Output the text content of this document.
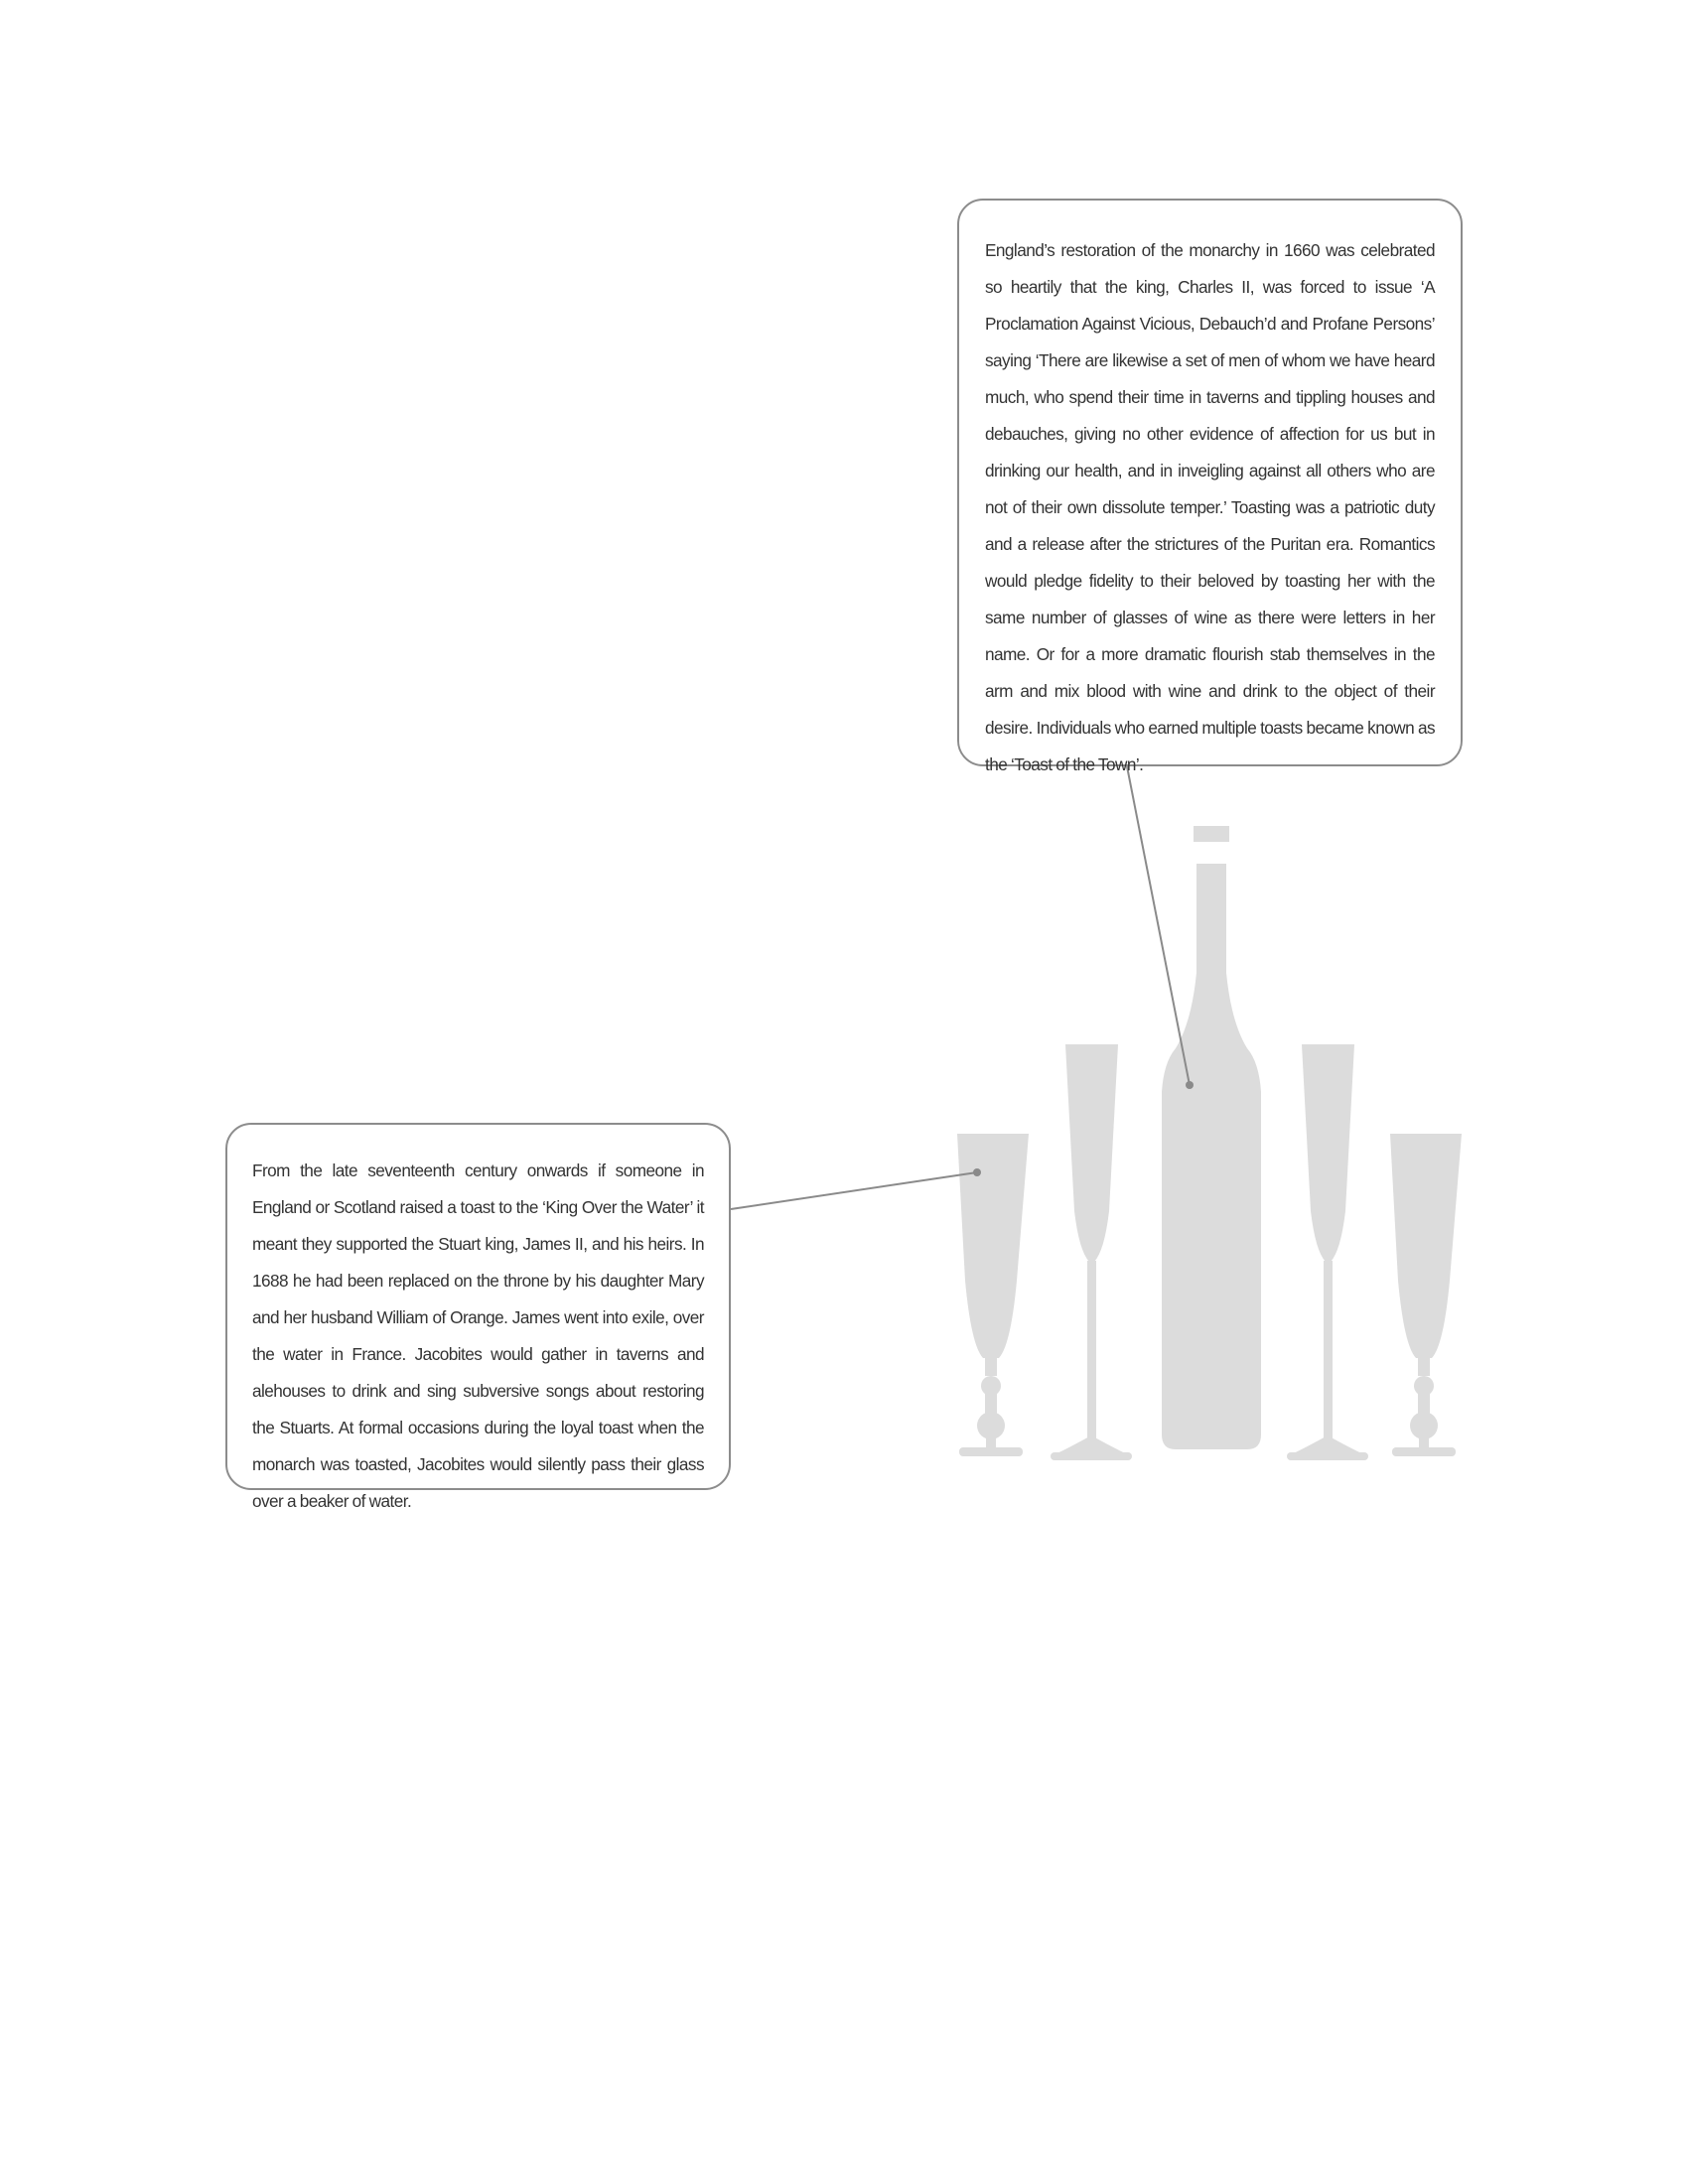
England’s restoration of the monarchy in 1660 was celebrated so heartily that the king, Charles II, was forced to issue ‘A Proclamation Against Vicious, Debauch’d and Profane Persons’ saying ‘There are likewise a set of men of whom we have heard much, who spend their time in taverns and tippling houses and debauches, giving no other evidence of affection for us but in drinking our health, and in inveigling against all others who are not of their own dissolute temper.’ Toasting was a patriotic duty and a release after the strictures of the Puritan era. Romantics would pledge fidelity to their beloved by toasting her with the same number of glasses of wine as there were letters in her name. Or for a more dramatic flourish stab themselves in the arm and mix blood with wine and drink to the object of their desire. Individuals who earned multiple toasts became known as the ‘Toast of the Town’.
From the late seventeenth century onwards if someone in England or Scotland raised a toast to the ‘King Over the Water’ it meant they supported the Stuart king, James II, and his heirs. In 1688 he had been replaced on the throne by his daughter Mary and her husband William of Orange. James went into exile, over the water in France. Jacobites would gather in taverns and alehouses to drink and sing subversive songs about restoring the Stuarts. At formal occasions during the loyal toast when the monarch was toasted, Jacobites would silently pass their glass over a beaker of water.
